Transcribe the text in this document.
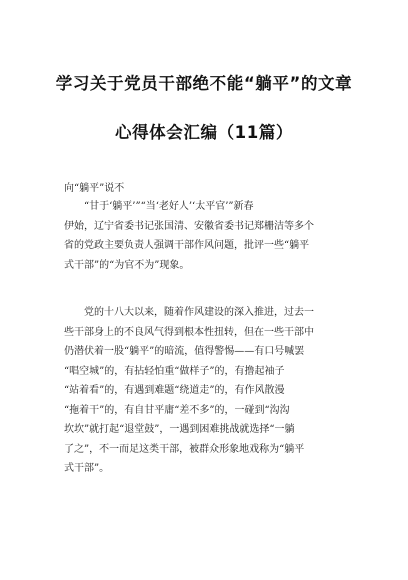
学习关于党员干部绝不能“躺平”的文章
心得体会汇编（11篇）
向“躺平”说不
“甘于‘躺平’”“当‘老好人’‘太平官’”新春
伊始，辽宁省委书记张国清、安徽省委书记郑栅洁等多个
省的党政主要负责人强调干部作风问题，批评一些“躺平
式干部”的“为官不为”现象。
党的十八大以来，随着作风建设的深入推进，过去一
些干部身上的不良风气得到根本性扭转，但在一些干部中
仍潜伏着一股“躺平”的暗流，值得警惕——有口号喊罢
“唱空城”的，有拈轻怕重“做样子”的，有撸起袖子
“站着看”的，有遇到难题“绕道走”的，有作风散漫
“拖着干”的，有自甘平庸“差不多”的，一碰到“沟沟
坎坎”就打起“退堂鼓”，一遇到困难挑战就选择“一躺
了之”，不一而足这类干部，被群众形象地戏称为“躺平
式干部”。
